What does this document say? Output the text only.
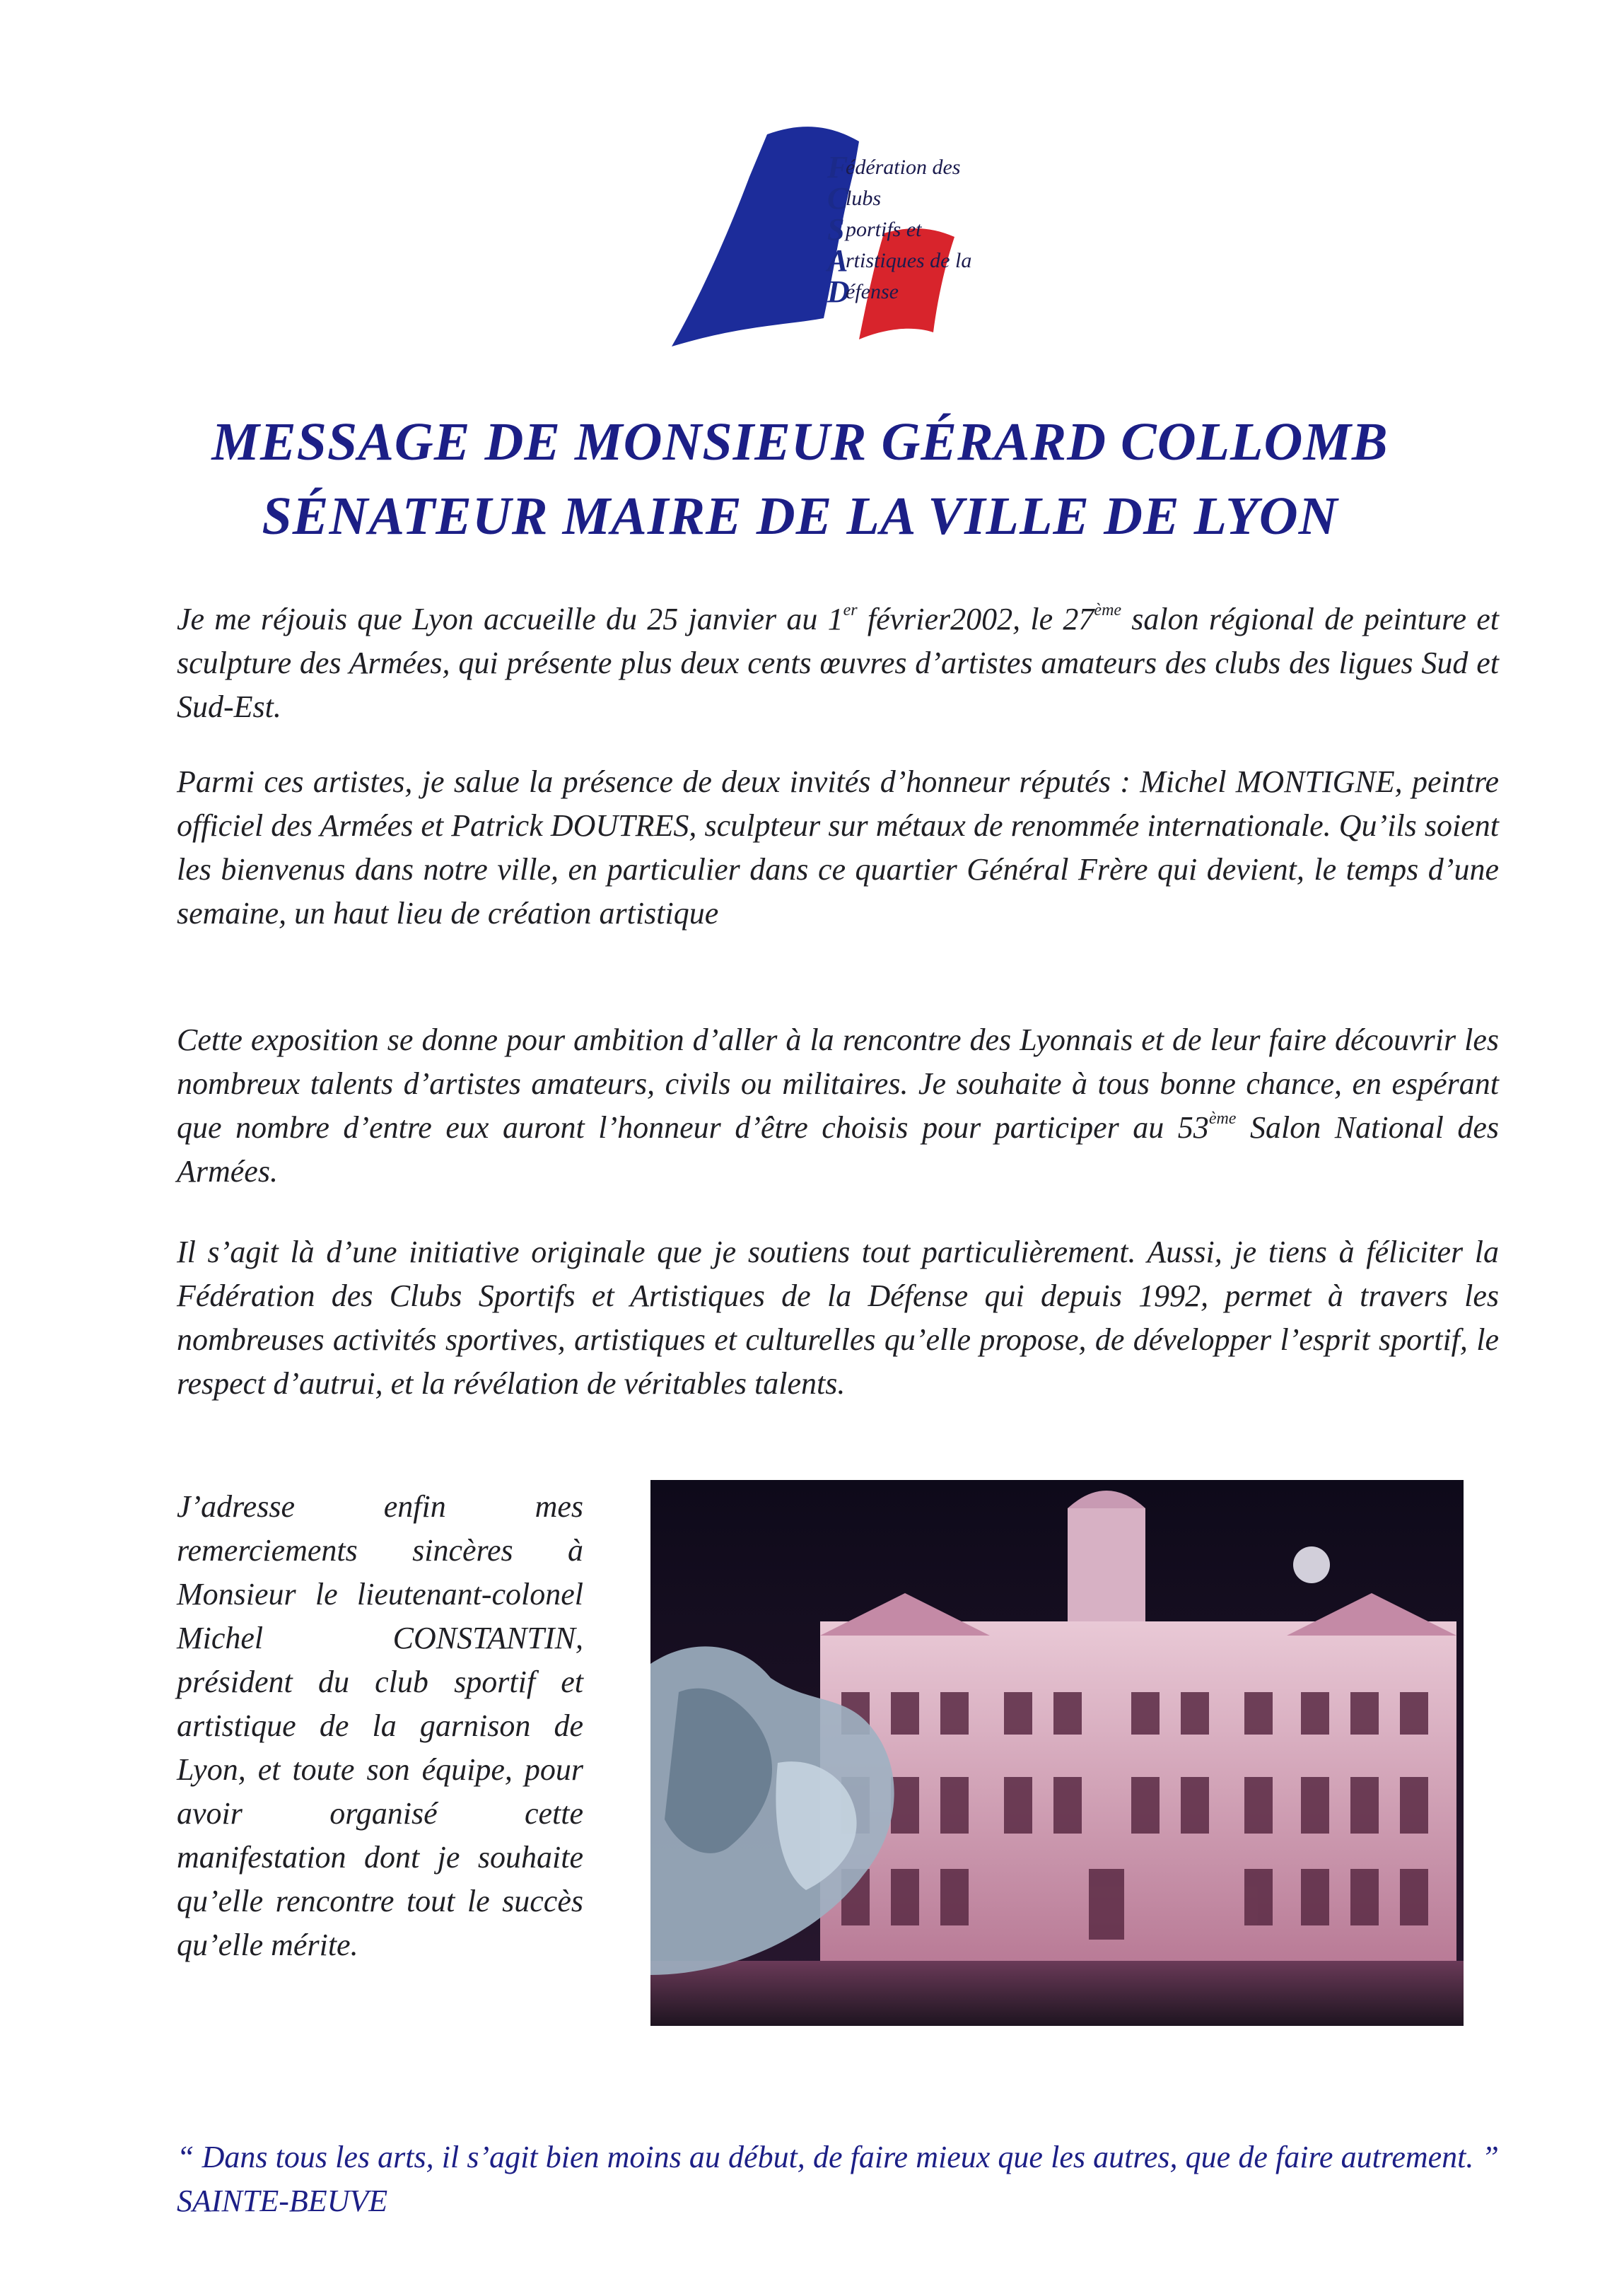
F
édération des
C
lubs
S portifs et
A
rtistiques de la
D
éfense
MESSAGE DE MONSIEUR GÉRARD COLLOMB
SÉNATEUR MAIRE DE LA VILLE DE LYON
Je me réjouis que Lyon accueille du 25 janvier au 1er février2002, le 27ème salon régional de peinture et sculpture des Armées, qui présente plus deux cents œuvres d’artistes amateurs des clubs des ligues Sud et Sud-Est.
Parmi ces artistes, je salue la présence de deux invités d’honneur réputés : Michel MONTIGNE, peintre officiel des Armées et Patrick DOUTRES, sculpteur sur métaux de renommée internationale. Qu’ils soient les bienvenus dans notre ville, en particulier dans ce quartier Général Frère qui devient, le temps d’une semaine, un haut lieu de création artistique
Cette exposition se donne pour ambition d’aller à la rencontre des Lyonnais et de leur faire découvrir les nombreux talents d’artistes amateurs, civils ou militaires. Je souhaite à tous bonne chance, en espérant que nombre d’entre eux auront l’honneur d’être choisis pour participer au 53ème Salon National des Armées.
Il s’agit là d’une initiative originale que je soutiens tout particulièrement. Aussi, je tiens à féliciter la Fédération des Clubs Sportifs et Artistiques de la Défense qui depuis 1992, permet à travers les nombreuses activités sportives, artistiques et culturelles qu’elle propose, de développer l’esprit sportif, le respect d’autrui, et la révélation de véritables talents.
J’adresse enfin mes remerciements sincères à Monsieur le lieutenant-colonel Michel CONSTANTIN, président du club sportif et artistique de la garnison de Lyon, et toute son équipe, pour avoir organisé cette manifestation dont je souhaite qu’elle rencontre tout le succès qu’elle mérite.
“ Dans tous les arts, il s’agit bien moins au début, de faire mieux que les autres, que de faire autrement. ” SAINTE-BEUVE
